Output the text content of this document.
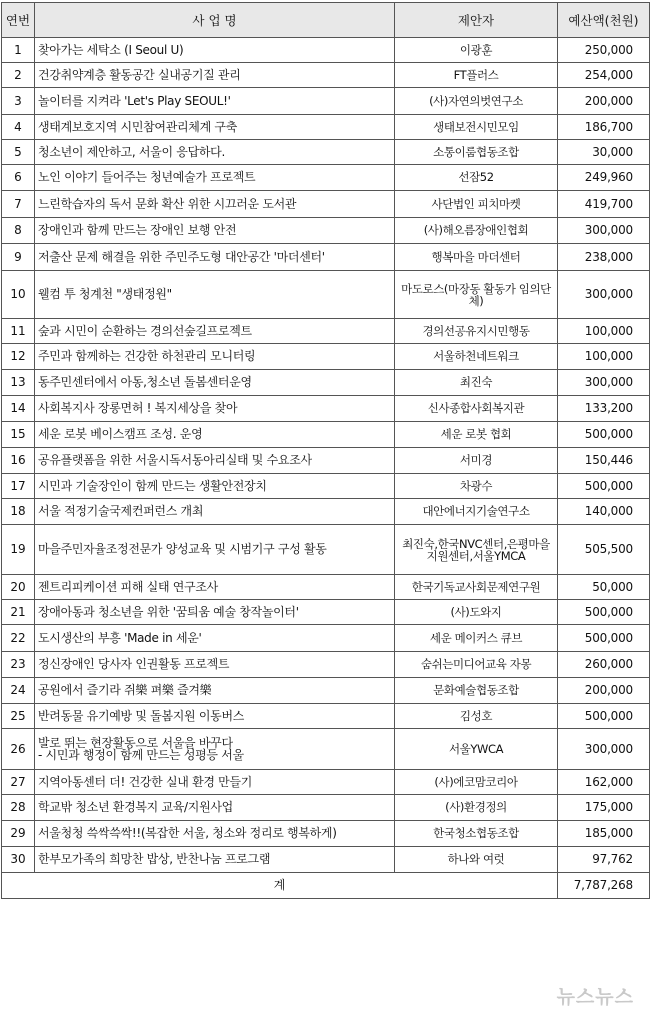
연번	사 업 명	제안자	예산액(천원)
1	찾아가는 세탁소 (I Seoul U)	이광훈	250,000
2	건강취약계층 활동공간 실내공기질 관리	FT플러스	254,000
3	놀이터를 지켜라 'Let's Play SEOUL!'	(사)자연의벗연구소	200,000
4	생태계보호지역 시민참여관리체계 구축	생태보전시민모임	186,700
5	청소년이 제안하고, 서울이 응답하다.	소통이룸협동조합	30,000
6	노인 이야기 들어주는 청년예술가 프로젝트	선잠52	249,960
7	느린학습자의 독서 문화 확산 위한 시끄러운 도서관	사단법인 피치마켓	419,700
8	장애인과 함께 만드는 장애인 보행 안전	(사)해오름장애인협회	300,000
9	저출산 문제 해결을 위한 주민주도형 대안공간 '마더센터'	행복마을 마더센터	238,000
10	웰컴 투 청계천 "생태정원"	마도로스(마장동 활동가 임의단체)	300,000
11	숲과 시민이 순환하는 경의선숲길프로젝트	경의선공유지시민행동	100,000
12	주민과 함께하는 건강한 하천관리 모니터링	서울하천네트워크	100,000
13	동주민센터에서 아동,청소년 돌봄센터운영	최진숙	300,000
14	사회복지사 장롱면허 ! 복지세상을 찾아	신사종합사회복지관	133,200
15	세운 로봇 베이스캠프 조성. 운영	세운 로봇 협회	500,000
16	공유플랫폼을 위한 서울시독서동아리실태 및 수요조사	서미경	150,446
17	시민과 기술장인이 함께 만드는 생활안전장치	차광수	500,000
18	서울 적정기술국제컨퍼런스 개최	대안에너지기술연구소	140,000
19	마을주민자율조정전문가 양성교육 및 시범기구 구성 활동	최진숙,한국NVC센터,은평마을지원센터,서울YMCA	505,500
20	젠트리피케이션 피해 실태 연구조사	한국기독교사회문제연구원	50,000
21	장애아동과 청소년을 위한 '꿈틔움 예술 창작놀이터'	(사)도와지	500,000
22	도시생산의 부흥 'Made in 세운'	세운 메이커스 큐브	500,000
23	정신장애인 당사자 인권활동 프로젝트	숨쉬는미디어교육 자몽	260,000
24	공원에서 즐기라 쥐樂 펴樂 즐겨樂	문화예술협동조합	200,000
25	반려동물 유기예방 및 돌봄지원 이동버스	김성호	500,000
26	발로 뛰는 현장활동으로 서울을 바꾸다
- 시민과 행정이 함께 만드는 성평등 서울	서울YWCA	300,000
27	지역아동센터 더! 건강한 실내 환경 만들기	(사)에코맘코리아	162,000
28	학교밖 청소년 환경복지 교육/지원사업	(사)환경정의	175,000
29	서울청청 쓱싹쓱싹!!(복잡한 서울, 청소와 정리로 행복하게)	한국청소협동조합	185,000
30	한부모가족의 희망찬 밥상, 반찬나눔 프로그램	하나와 여럿	97,762
계			7,787,268
뉴스뉴스
